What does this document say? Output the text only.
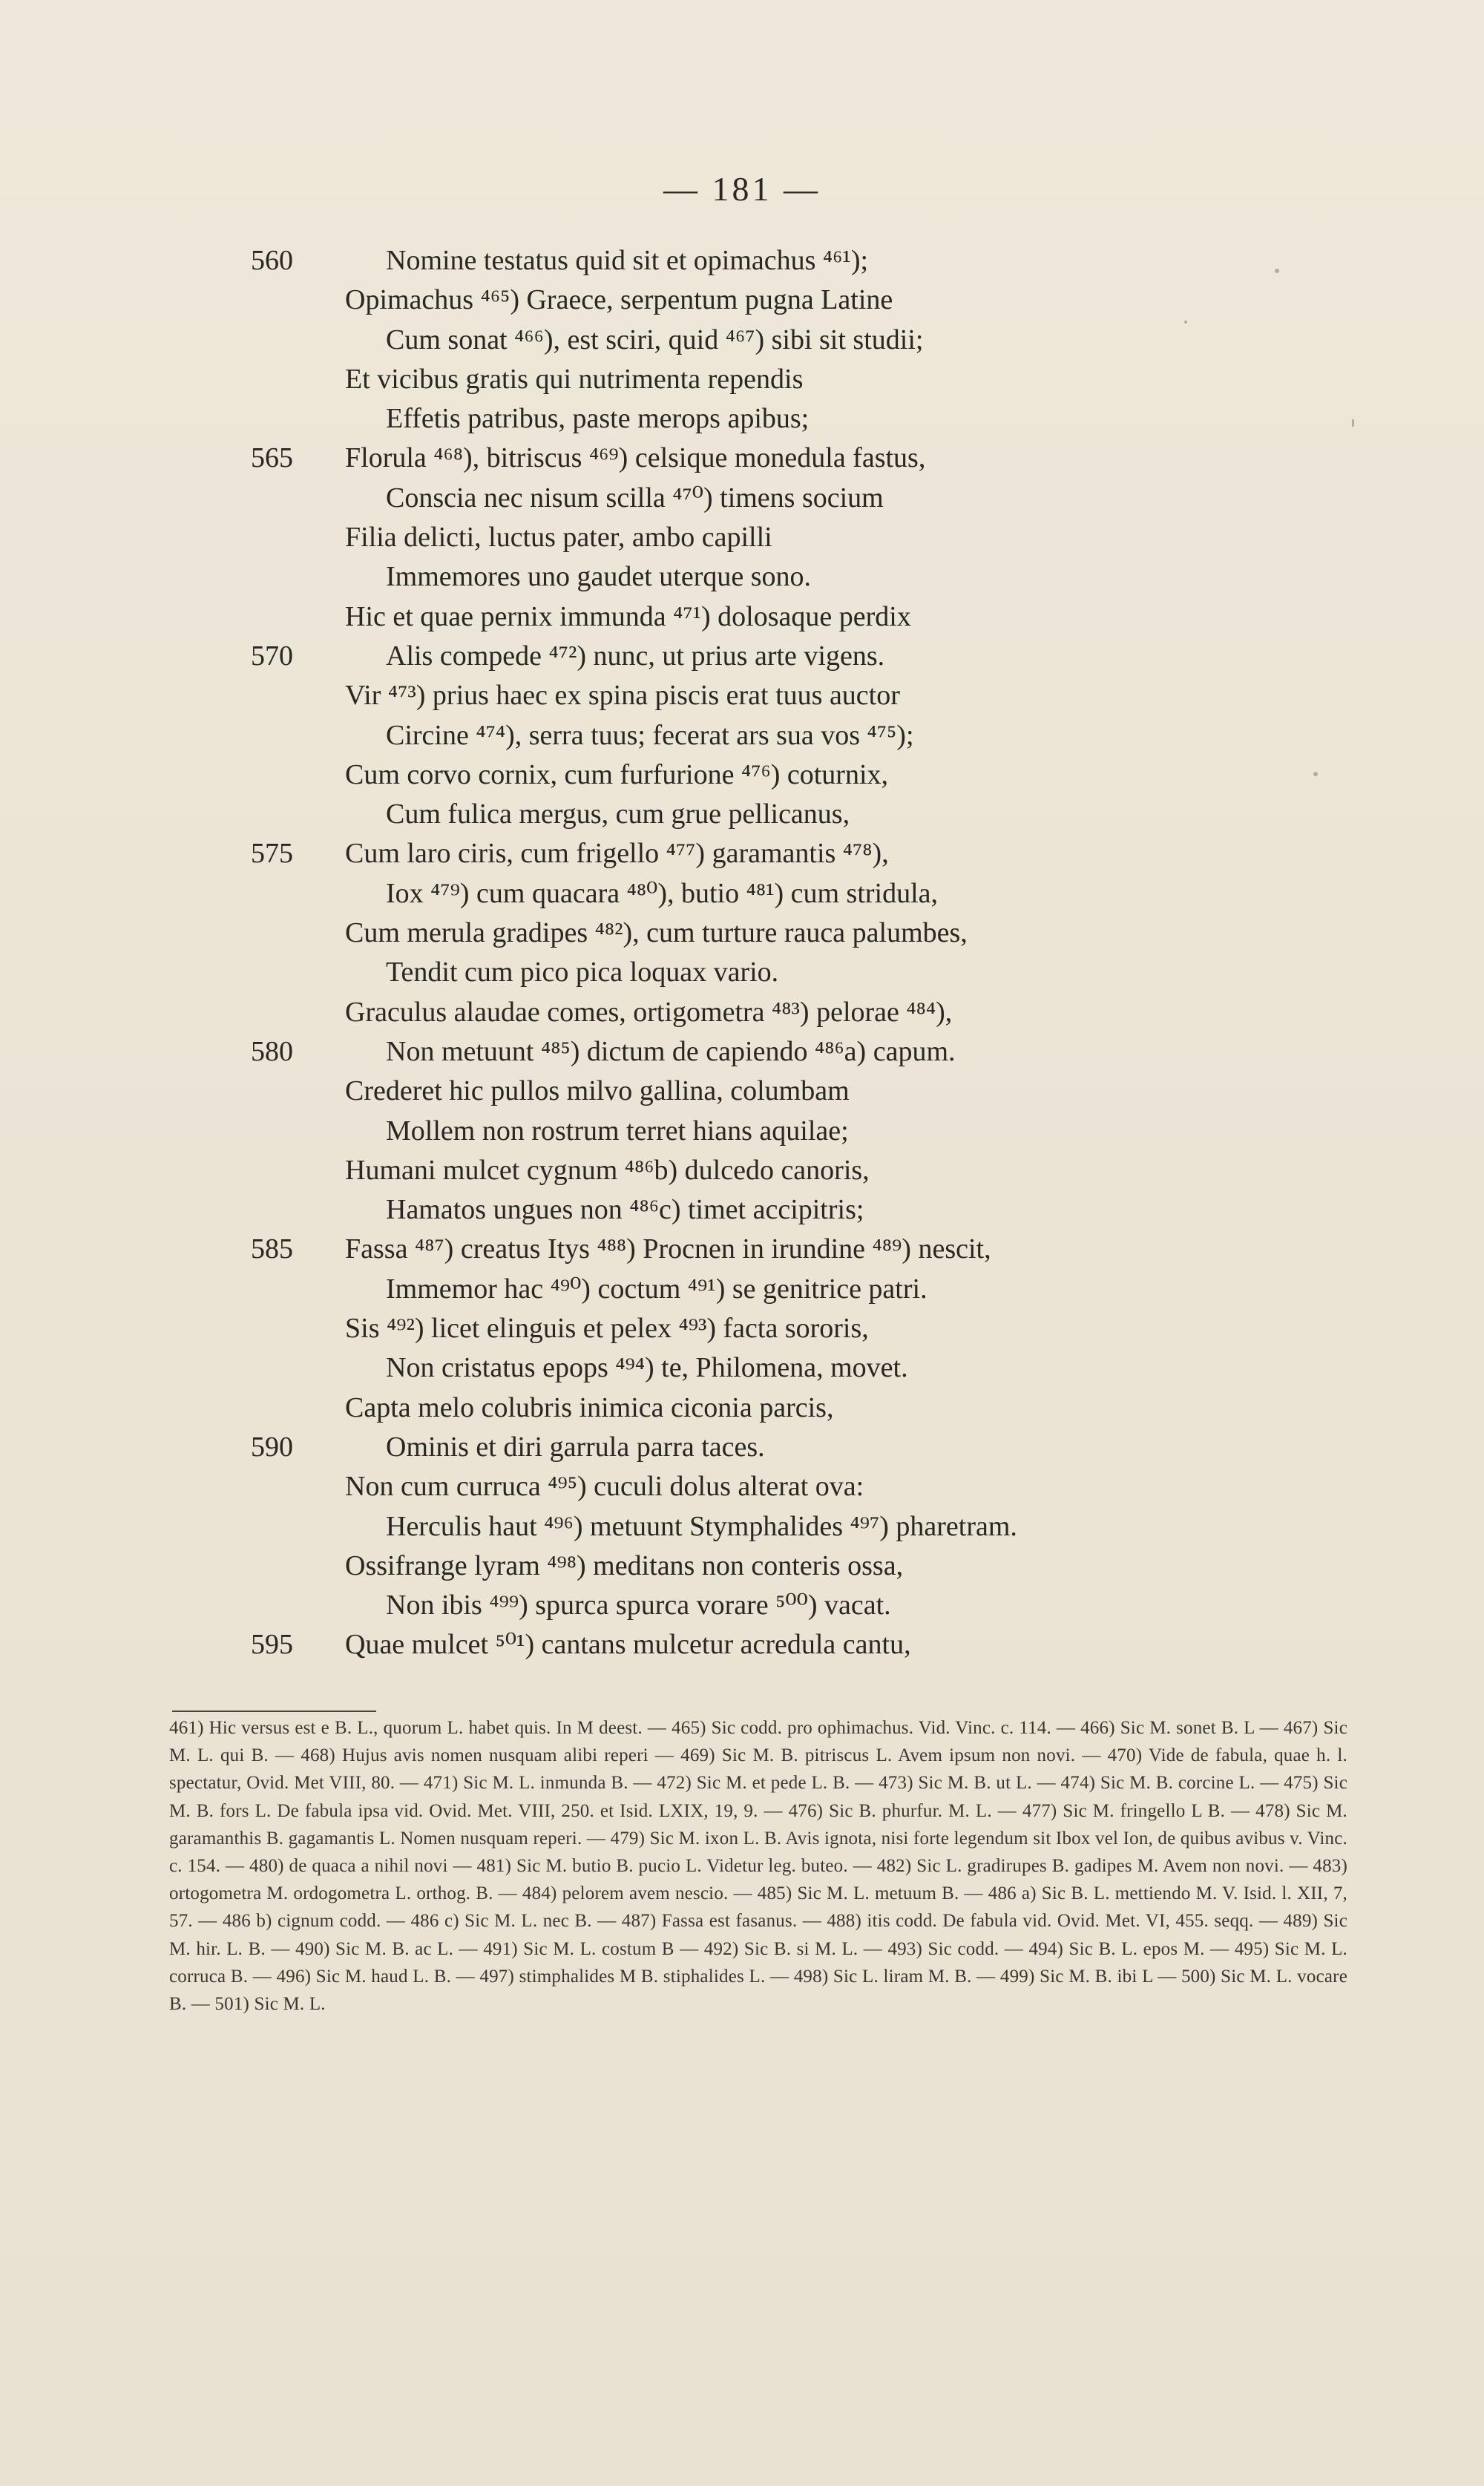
— 181 —
560	Nomine testatus quid sit et opimachus ⁴⁶¹);
Opimachus ⁴⁶⁵) Graece, serpentum pugna Latine
Cum sonat ⁴⁶⁶), est sciri, quid ⁴⁶⁷) sibi sit studii;
Et vicibus gratis qui nutrimenta rependis
Effetis patribus, paste merops apibus;
565	Florula ⁴⁶⁸), bitriscus ⁴⁶⁹) celsique monedula fastus,
Conscia nec nisum scilla ⁴⁷⁰) timens socium
Filia delicti, luctus pater, ambo capilli
Immemores uno gaudet uterque sono.
Hic et quae pernix immunda ⁴⁷¹) dolosaque perdix
570	Alis compede ⁴⁷²) nunc, ut prius arte vigens.
Vir ⁴⁷³) prius haec ex spina piscis erat tuus auctor
Circine ⁴⁷⁴), serra tuus; fecerat ars sua vos ⁴⁷⁵);
Cum corvo cornix, cum furfurione ⁴⁷⁶) coturnix,
Cum fulica mergus, cum grue pellicanus,
575	Cum laro ciris, cum frigello ⁴⁷⁷) garamantis ⁴⁷⁸),
Iox ⁴⁷⁹) cum quacara ⁴⁸⁰), butio ⁴⁸¹) cum stridula,
Cum merula gradipes ⁴⁸²), cum turture rauca palumbes,
Tendit cum pico pica loquax vario.
Graculus alaudae comes, ortigometra ⁴⁸³) pelorae ⁴⁸⁴),
580	Non metuunt ⁴⁸⁵) dictum de capiendo ⁴⁸⁶a) capum.
Crederet hic pullos milvo gallina, columbam
Mollem non rostrum terret hians aquilae;
Humani mulcet cygnum ⁴⁸⁶b) dulcedo canoris,
Hamatos ungues non ⁴⁸⁶c) timet accipitris;
585	Fassa ⁴⁸⁷) creatus Itys ⁴⁸⁸) Procnen in irundine ⁴⁸⁹) nescit,
Immemor hac ⁴⁹⁰) coctum ⁴⁹¹) se genitrice patri.
Sis ⁴⁹²) licet elinguis et pelex ⁴⁹³) facta sororis,
Non cristatus epops ⁴⁹⁴) te, Philomena, movet.
Capta melo colubris inimica ciconia parcis,
590	Ominis et diri garrula parra taces.
Non cum curruca ⁴⁹⁵) cuculi dolus alterat ova:
Herculis haut ⁴⁹⁶) metuunt Stymphalides ⁴⁹⁷) pharetram.
Ossifrange lyram ⁴⁹⁸) meditans non conteris ossa,
Non ibis ⁴⁹⁹) spurca spurca vorare ⁵⁰⁰) vacat.
595	Quae mulcet ⁵⁰¹) cantans mulcetur acredula cantu,
461) Hic versus est e B. L., quorum L. habet quis. In M deest. — 465) Sic codd. pro ophimachus. Vid. Vinc. c. 114. — 466) Sic M. sonet B. L — 467) Sic M. L. qui B. — 468) Hujus avis nomen nusquam alibi reperi — 469) Sic M. B. pitriscus L. Avem ipsum non novi. — 470) Vide de fabula, quae h. l. spectatur, Ovid. Met VIII, 80. — 471) Sic M. L. inmunda B. — 472) Sic M. et pede L. B. — 473) Sic M. B. ut L. — 474) Sic M. B. corcine L. — 475) Sic M. B. fors L. De fabula ipsa vid. Ovid. Met. VIII, 250. et Isid. LXIX, 19, 9. — 476) Sic B. phurfur. M. L. — 477) Sic M. fringello L B. — 478) Sic M. garamanthis B. gagamantis L. Nomen nusquam reperi. — 479) Sic M. ixon L. B. Avis ignota, nisi forte legendum sit Ibox vel Ion, de quibus avibus v. Vinc. c. 154. — 480) de quaca a nihil novi — 481) Sic M. butio B. pucio L. Videtur leg. buteo. — 482) Sic L. gradirupes B. gadipes M. Avem non novi. — 483) ortogometra M. ordogometra L. orthog. B. — 484) pelorem avem nescio. — 485) Sic M. L. metuum B. — 486 a) Sic B. L. mettiendo M. V. Isid. l. XII, 7, 57. — 486 b) cignum codd. — 486 c) Sic M. L. nec B. — 487) Fassa est fasanus. — 488) itis codd. De fabula vid. Ovid. Met. VI, 455. seqq. — 489) Sic M. hir. L. B. — 490) Sic M. B. ac L. — 491) Sic M. L. costum B — 492) Sic B. si M. L. — 493) Sic codd. — 494) Sic B. L. epos M. — 495) Sic M. L. corruca B. — 496) Sic M. haud L. B. — 497) stimphalides M B. stiphalides L. — 498) Sic L. liram M. B. — 499) Sic M. B. ibi L — 500) Sic M. L. vocare B. — 501) Sic M. L.
